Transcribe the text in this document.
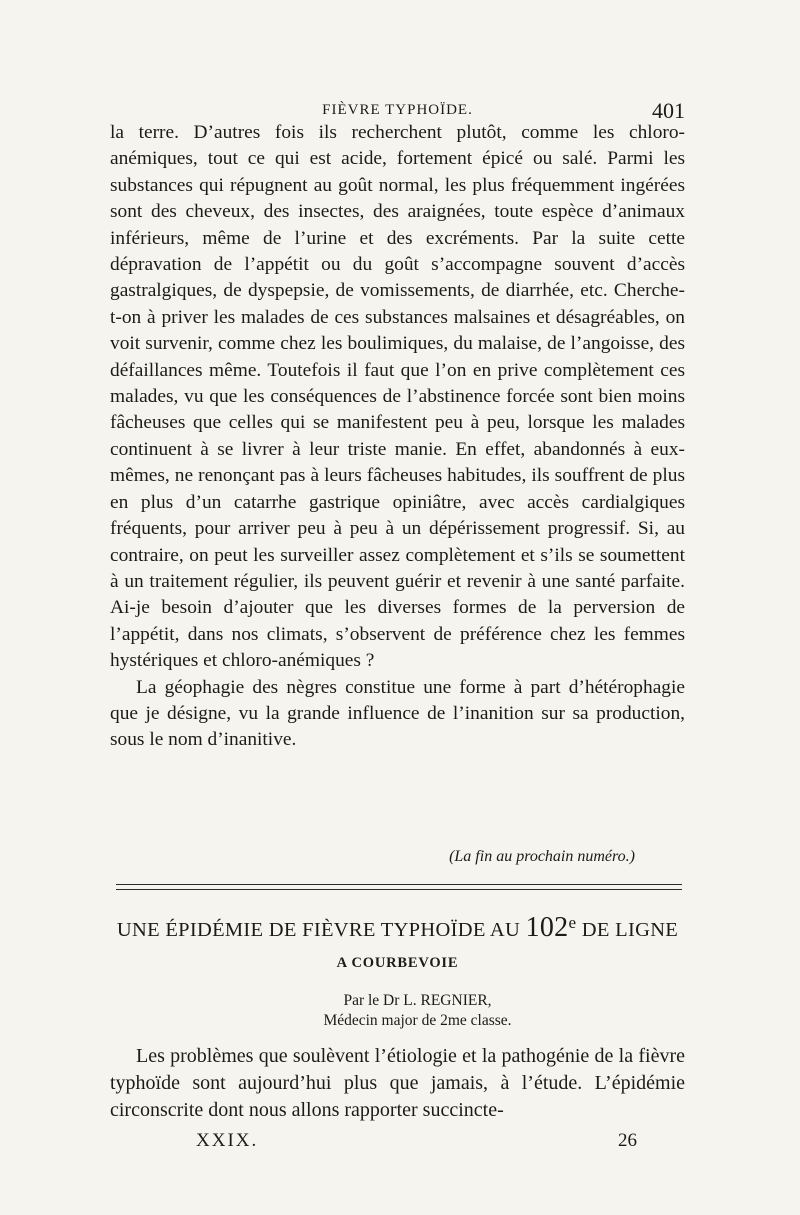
FIÈVRE TYPHOÏDE.	401

la terre. D’autres fois ils recherchent plutôt, comme les chloro-anémiques, tout ce qui est acide, fortement épicé ou salé. Parmi les substances qui répugnent au goût normal, les plus fréquemment ingérées sont des cheveux, des insectes, des araignées, toute espèce d’animaux inférieurs, même de l’urine et des excréments. Par la suite cette dépravation de l’appétit ou du goût s’accompagne souvent d’accès gastralgiques, de dyspepsie, de vomissements, de diarrhée, etc. Cherche-t-on à priver les malades de ces substances malsaines et désagréables, on voit survenir, comme chez les boulimiques, du malaise, de l’angoisse, des défaillances même. Toutefois il faut que l’on en prive complètement ces malades, vu que les conséquences de l’abstinence forcée sont bien moins fâcheuses que celles qui se manifestent peu à peu, lorsque les malades continuent à se livrer à leur triste manie. En effet, abandonnés à eux-mêmes, ne renonçant pas à leurs fâcheuses habitudes, ils souffrent de plus en plus d’un catarrhe gastrique opiniâtre, avec accès cardialgiques fréquents, pour arriver peu à peu à un dépérissement progressif. Si, au contraire, on peut les surveiller assez complètement et s’ils se soumettent à un traitement régulier, ils peuvent guérir et revenir à une santé parfaite. Ai-je besoin d’ajouter que les diverses formes de la perversion de l’appétit, dans nos climats, s’observent de préférence chez les femmes hystériques et chloro-anémiques ?

La géophagie des nègres constitue une forme à part d’hétérophagie que je désigne, vu la grande influence de l’inanition sur sa production, sous le nom d’inanitive.

(La fin au prochain numéro.)
UNE ÉPIDÉMIE DE FIÈVRE TYPHOÏDE AU 102e DE LIGNE
A COURBEVOIE
Par le Dr L. REGNIER,
Médecin major de 2me classe.

Les problèmes que soulèvent l’étiologie et la pathogénie de la fièvre typhoïde sont aujourd’hui plus que jamais, à l’étude. L’épidémie circonscrite dont nous allons rapporter succincte-

XXIX.	26
